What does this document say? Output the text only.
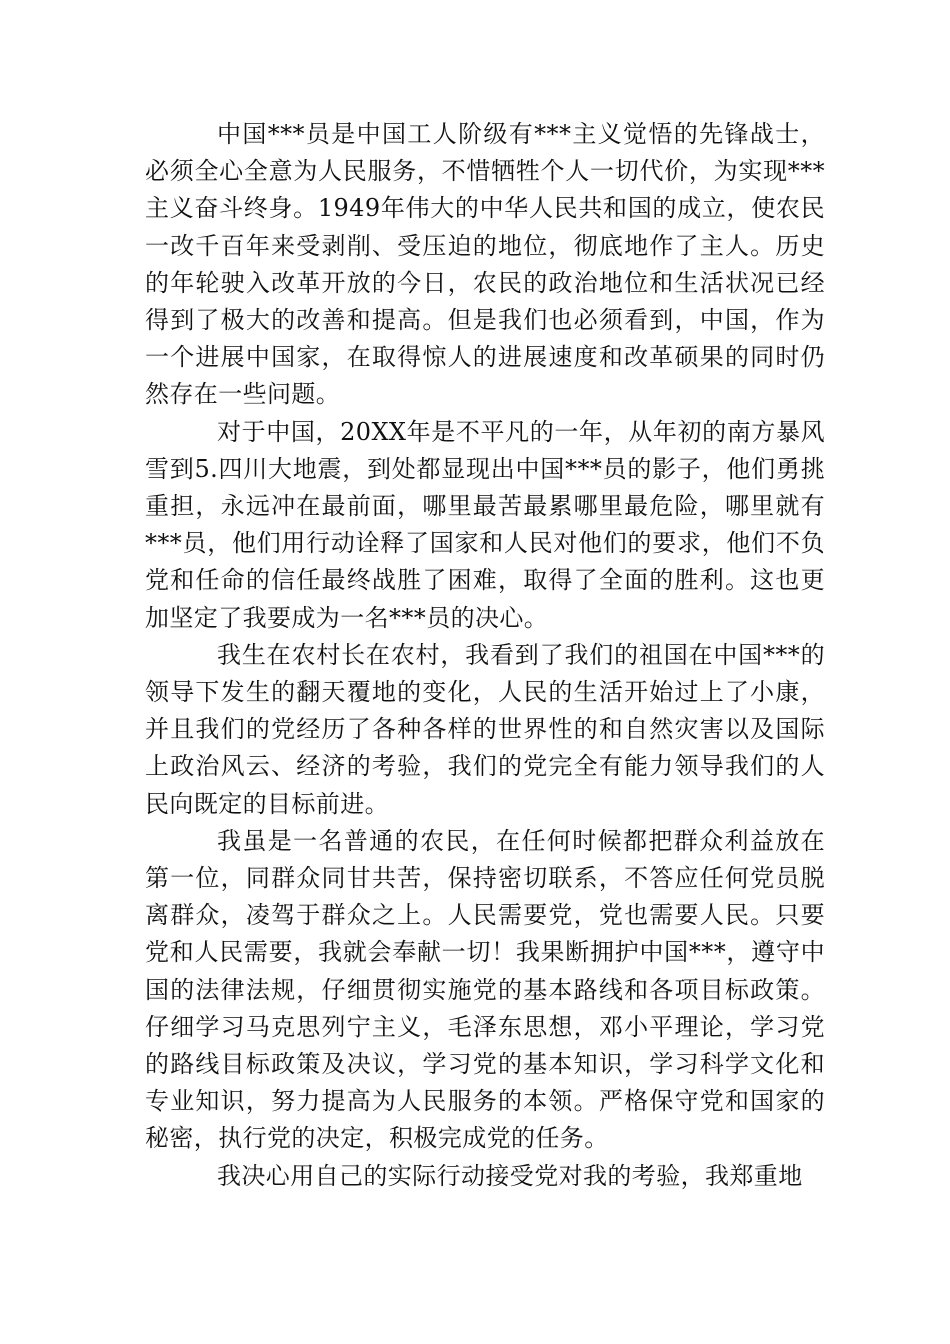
中国***员是中国工人阶级有***主义觉悟的先锋战士，必须全心全意为人民服务，不惜牺牲个人一切代价，为实现***主义奋斗终身。1949年伟大的中华人民共和国的成立，使农民一改千百年来受剥削、受压迫的地位，彻底地作了主人。历史的年轮驶入改革开放的今日，农民的政治地位和生活状况已经得到了极大的改善和提高。但是我们也必须看到，中国，作为一个进展中国家，在取得惊人的进展速度和改革硕果的同时仍然存在一些问题。

对于中国，20XX年是不平凡的一年，从年初的南方暴风雪到5.四川大地震，到处都显现出中国***员的影子，他们勇挑重担，永远冲在最前面，哪里最苦最累哪里最危险，哪里就有***员，他们用行动诠释了国家和人民对他们的要求，他们不负党和任命的信任最终战胜了困难，取得了全面的胜利。这也更加坚定了我要成为一名***员的决心。

我生在农村长在农村，我看到了我们的祖国在中国***的领导下发生的翻天覆地的变化，人民的生活开始过上了小康，并且我们的党经历了各种各样的世界性的和自然灾害以及国际上政治风云、经济的考验，我们的党完全有能力领导我们的人民向既定的目标前进。

我虽是一名普通的农民，在任何时候都把群众利益放在第一位，同群众同甘共苦，保持密切联系，不答应任何党员脱离群众，凌驾于群众之上。人民需要党，党也需要人民。只要党和人民需要，我就会奉献一切！我果断拥护中国***，遵守中国的法律法规，仔细贯彻实施党的基本路线和各项目标政策。仔细学习马克思列宁主义，毛泽东思想，邓小平理论，学习党的路线目标政策及决议，学习党的基本知识，学习科学文化和专业知识，努力提高为人民服务的本领。严格保守党和国家的秘密，执行党的决定，积极完成党的任务。

我决心用自己的实际行动接受党对我的考验，我郑重地
